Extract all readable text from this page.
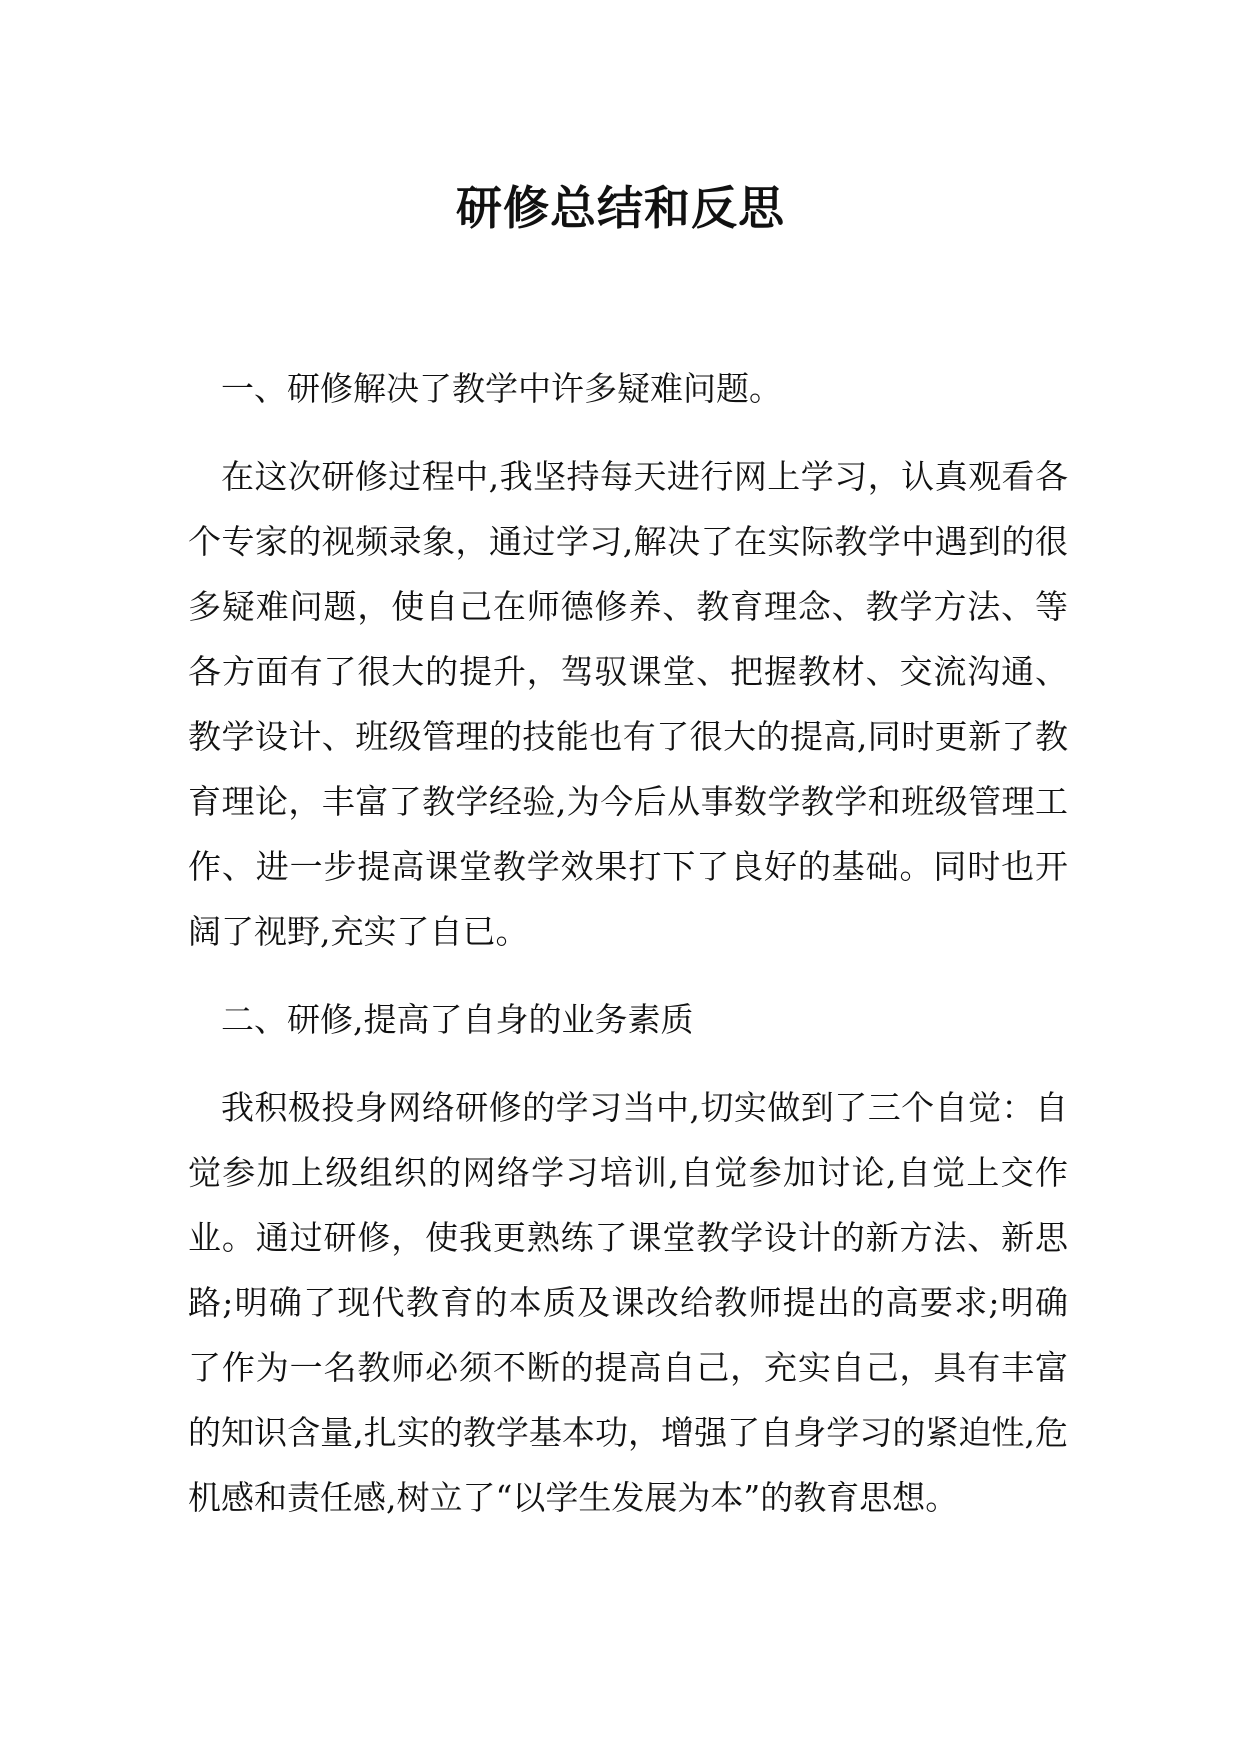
研修总结和反思

一、研修解决了教学中许多疑难问题。

在这次研修过程中,我坚持每天进行网上学习，认真观看各个专家的视频录象，通过学习,解决了在实际教学中遇到的很多疑难问题，使自己在师德修养、教育理念、教学方法、等各方面有了很大的提升，驾驭课堂、把握教材、交流沟通、教学设计、班级管理的技能也有了很大的提高,同时更新了教育理论，丰富了教学经验,为今后从事数学教学和班级管理工作、进一步提高课堂教学效果打下了良好的基础。同时也开阔了视野,充实了自已。

二、研修,提高了自身的业务素质

我积极投身网络研修的学习当中,切实做到了三个自觉：自觉参加上级组织的网络学习培训,自觉参加讨论,自觉上交作业。通过研修，使我更熟练了课堂教学设计的新方法、新思路;明确了现代教育的本质及课改给教师提出的高要求;明确了作为一名教师必须不断的提高自己，充实自己，具有丰富的知识含量,扎实的教学基本功，增强了自身学习的紧迫性,危机感和责任感,树立了“以学生发展为本”的教育思想。
